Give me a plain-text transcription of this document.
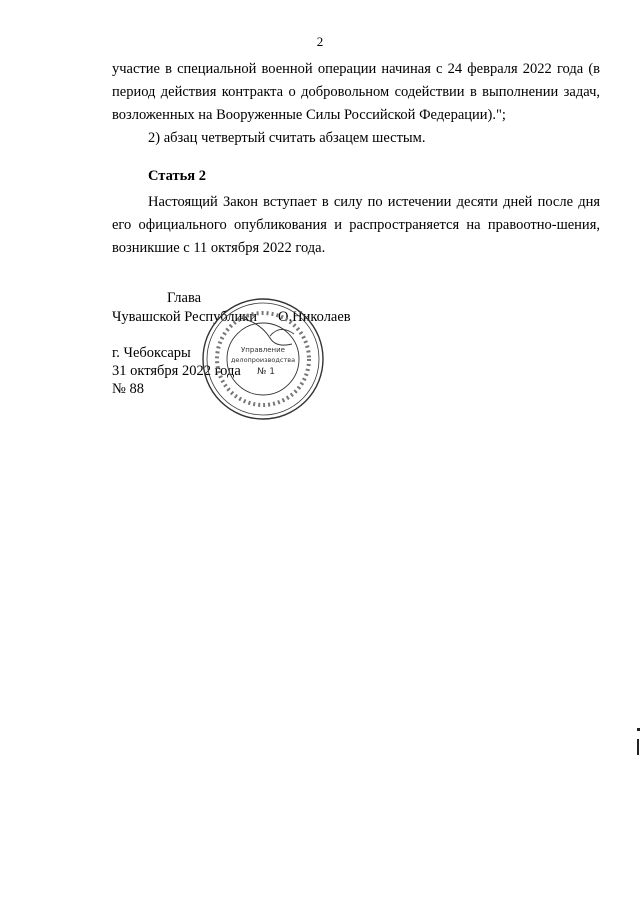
2

участие в специальной военной операции начиная с 24 февраля 2022 года (в период действия контракта о добровольном содействии в выполнении задач, возложенных на Вооруженные Силы Российской Федерации).";

2) абзац четвертый считать абзацем шестым.

Статья 2

Настоящий Закон вступает в силу по истечении десяти дней после дня его официального опубликования и распространяется на правоотно-шения, возникшие с 11 октября 2022 года.

Глава
Чувашской Республики О.Николаев
г. Чебоксары
31 октября 2022 года
№ 88
Управление
делопроизводства
№ 1
